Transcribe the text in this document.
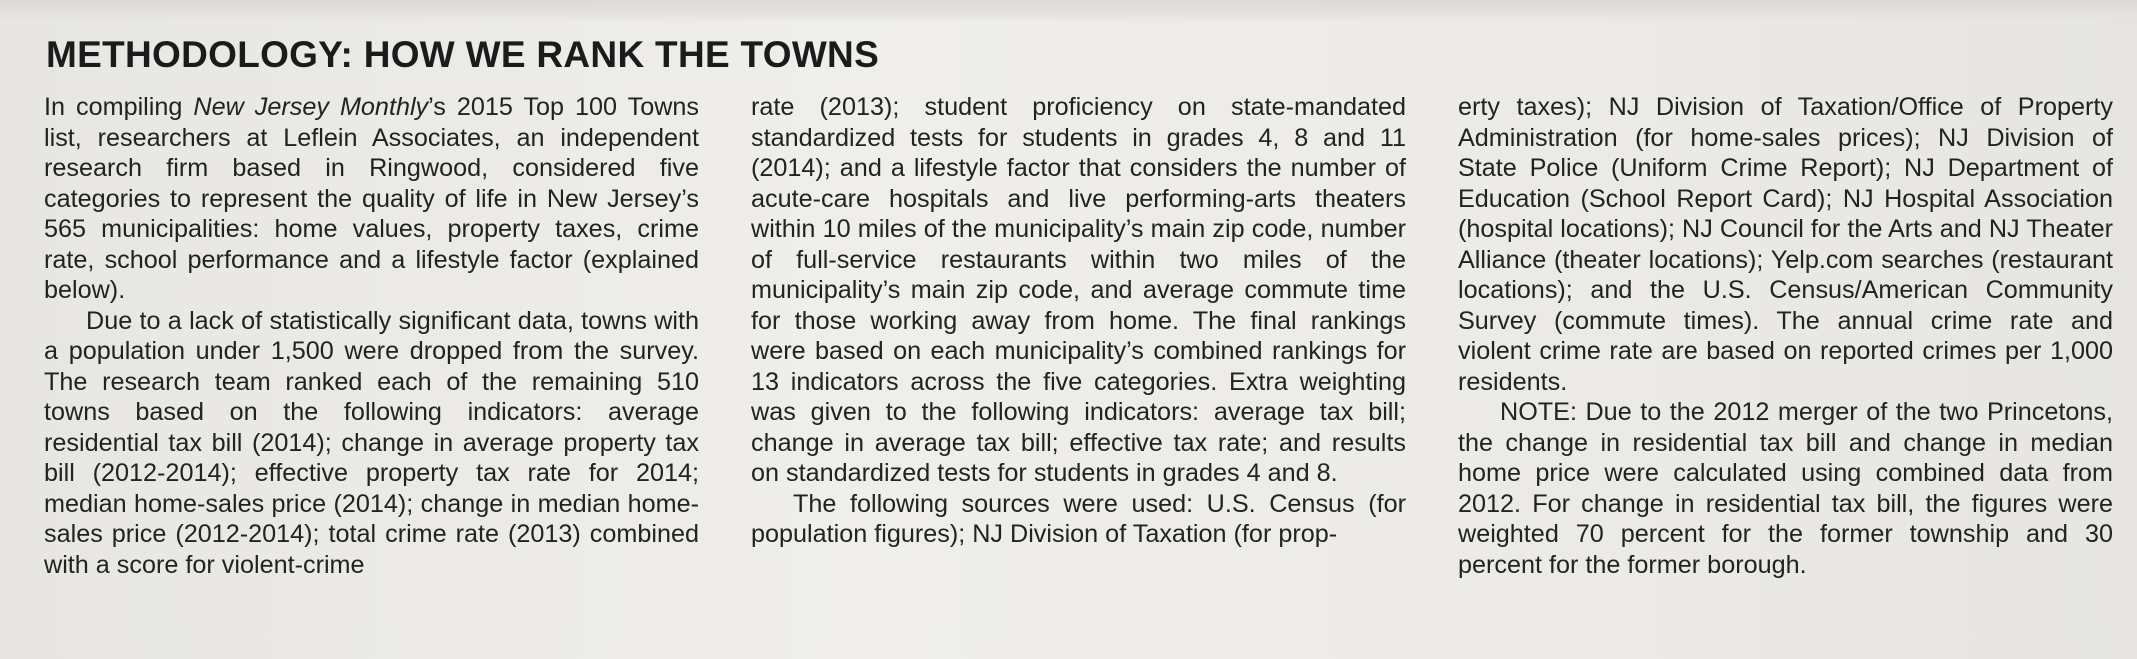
METHODOLOGY: HOW WE RANK THE TOWNS

In compiling New Jersey Monthly’s 2015 Top 100 Towns list, researchers at Leflein Associates, an independent research firm based in Ringwood, considered five categories to represent the quality of life in New Jersey’s 565 municipalities: home values, property taxes, crime rate, school performance and a lifestyle factor (explained below).

Due to a lack of statistically significant data, towns with a population under 1,500 were dropped from the survey. The research team ranked each of the remaining 510 towns based on the following indicators: average residential tax bill (2014); change in average property tax bill (2012-2014); effective property tax rate for 2014; median home-sales price (2014); change in median home-sales price (2012-2014); total crime rate (2013) combined with a score for violent-crime

rate (2013); student proficiency on state-mandated standardized tests for students in grades 4, 8 and 11 (2014); and a lifestyle factor that considers the number of acute-care hospitals and live performing-arts theaters within 10 miles of the municipality’s main zip code, number of full-service restaurants within two miles of the municipality’s main zip code, and average commute time for those working away from home. The final rankings were based on each municipality’s combined rankings for 13 indicators across the five categories. Extra weighting was given to the following indicators: average tax bill; change in average tax bill; effective tax rate; and results on standardized tests for students in grades 4 and 8.

The following sources were used: U.S. Census (for population figures); NJ Division of Taxation (for prop-

erty taxes); NJ Division of Taxation/Office of Property Administration (for home-sales prices); NJ Division of State Police (Uniform Crime Report); NJ Department of Education (School Report Card); NJ Hospital Association (hospital locations); NJ Council for the Arts and NJ Theater Alliance (theater locations); Yelp.com searches (restaurant locations); and the U.S. Census/American Community Survey (commute times). The annual crime rate and violent crime rate are based on reported crimes per 1,000 residents.

NOTE: Due to the 2012 merger of the two Princetons, the change in residential tax bill and change in median home price were calculated using combined data from 2012. For change in residential tax bill, the figures were weighted 70 percent for the former township and 30 percent for the former borough.
